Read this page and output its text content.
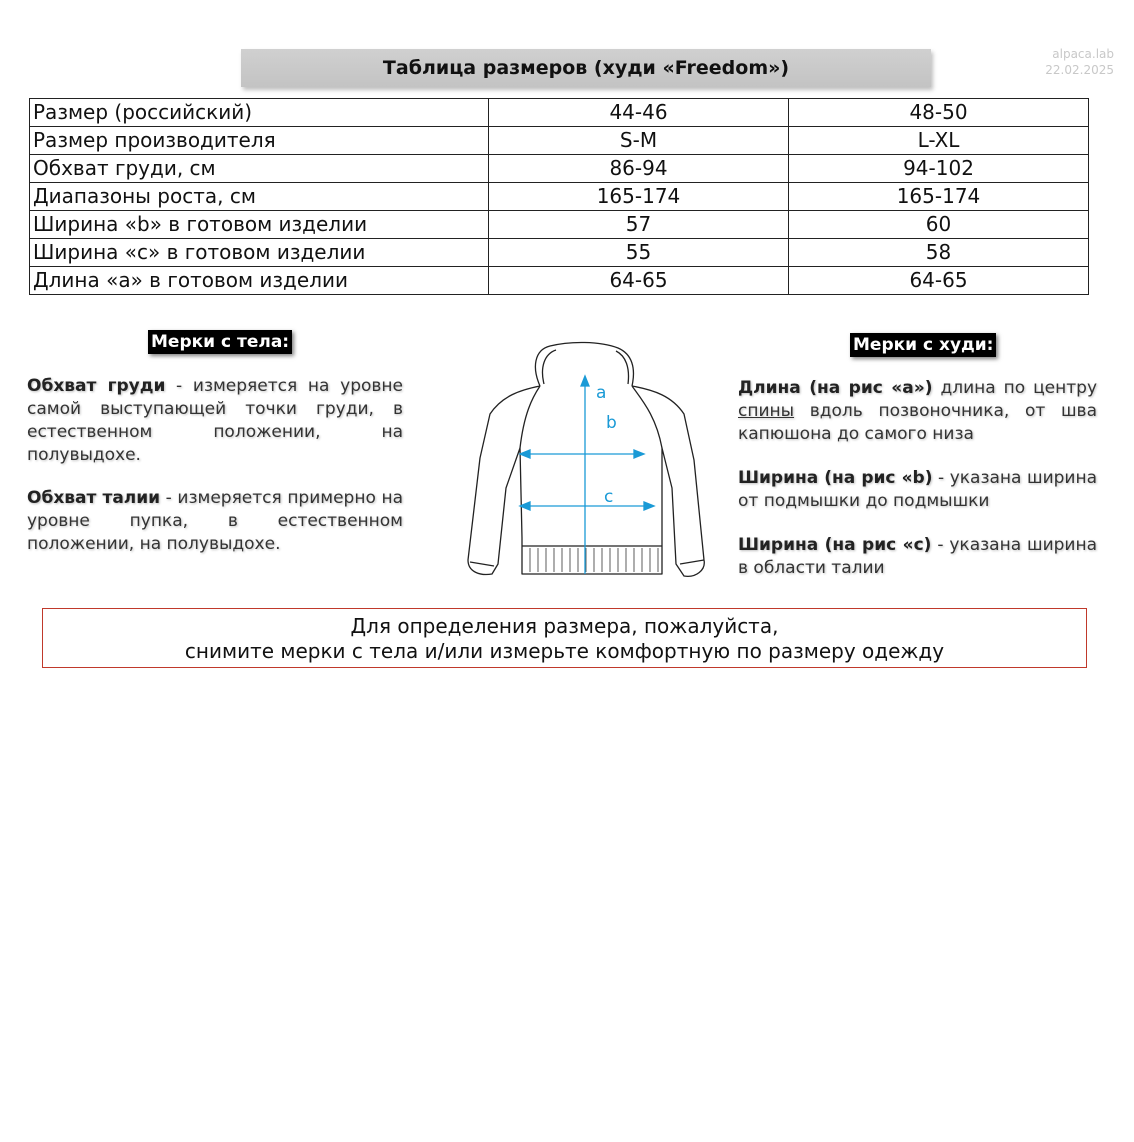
Таблица размеров (худи «Freedom»)
alpaca.lab
22.02.2025
Размер (российский)	44-46	48-50
Размер производителя	S-M	L-XL
Обхват груди, см	86-94	94-102
Диапазоны роста, см	165-174	165-174
Ширина «b» в готовом изделии	57	60
Ширина «c» в готовом изделии	55	58
Длина «a» в готовом изделии	64-65	64-65
Мерки с тела:
Обхват груди - измеряется на уровне самой выступающей точки груди, в естественном положении, на полувыдохе.
Обхват талии - измеряется примерно на уровне пупка, в естественном положении, на полувыдохе.
a
b
c
Мерки с худи:
Длина (на рис «a») длина по центру спины вдоль позвоночника, от шва капюшона до самого низа
Ширина (на рис «b) - указана ширина от подмышки до подмышки
Ширина (на рис «c) - указана ширина в области талии
Для определения размера, пожалуйста,
снимите мерки с тела и/или измерьте комфортную по размеру одежду
